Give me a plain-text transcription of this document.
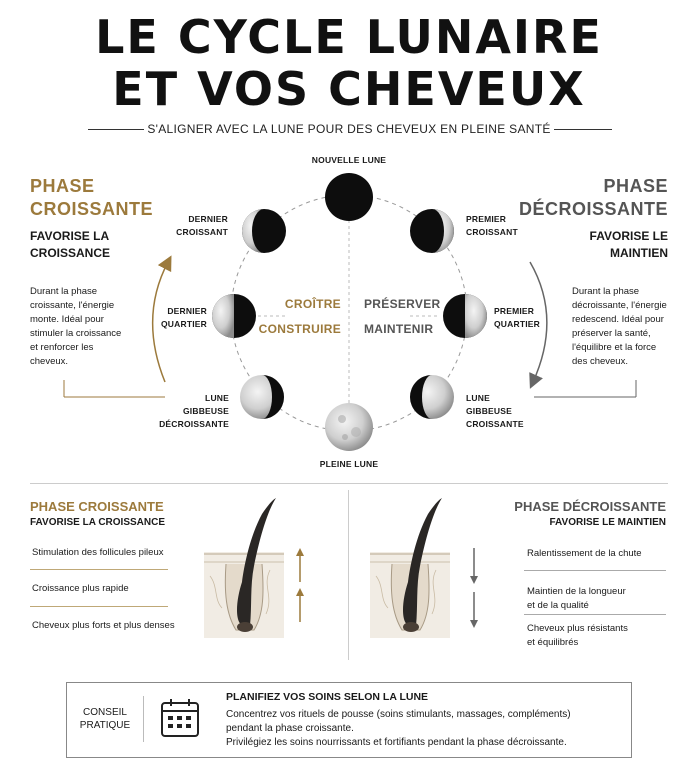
LE CYCLE LUNAIRE
ET VOS CHEVEUX
S'ALIGNER AVEC LA LUNE POUR DES CHEVEUX EN PLEINE SANTÉ
PHASE
CROISSANTE
FAVORISE LA
CROISSANCE
Durant la phase
croissante, l'énergie
monte. Idéal pour
stimuler la croissance
et renforcer les
cheveux.
PHASE
DÉCROISSANTE
FAVORISE LE
MAINTIEN
Durant la phase
décroissante, l'énergie
redescend. Idéal pour
préserver la santé,
l'équilibre et la force
des cheveux.
NOUVELLE LUNE
PREMIER
CROISSANT
PREMIER
QUARTIER
LUNE
GIBBEUSE
CROISSANTE
PLEINE LUNE
LUNE
GIBBEUSE
DÉCROISSANTE
DERNIER
QUARTIER
DERNIER
CROISSANT
CROÎTRE
CONSTRUIRE
PRÉSERVER
MAINTENIR
PHASE CROISSANTE
FAVORISE LA CROISSANCE
Stimulation des follicules pileux
Croissance plus rapide
Cheveux plus forts et plus denses
PHASE DÉCROISSANTE
FAVORISE LE MAINTIEN
Ralentissement de la chute
Maintien de la longueur
et de la qualité
Cheveux plus résistants
et équilibrés
CONSEIL
PRATIQUE
PLANIFIEZ VOS SOINS SELON LA LUNE
Concentrez vos rituels de pousse (soins stimulants, massages, compléments)
pendant la phase croissante.
Privilégiez les soins nourrissants et fortifiants pendant la phase décroissante.
